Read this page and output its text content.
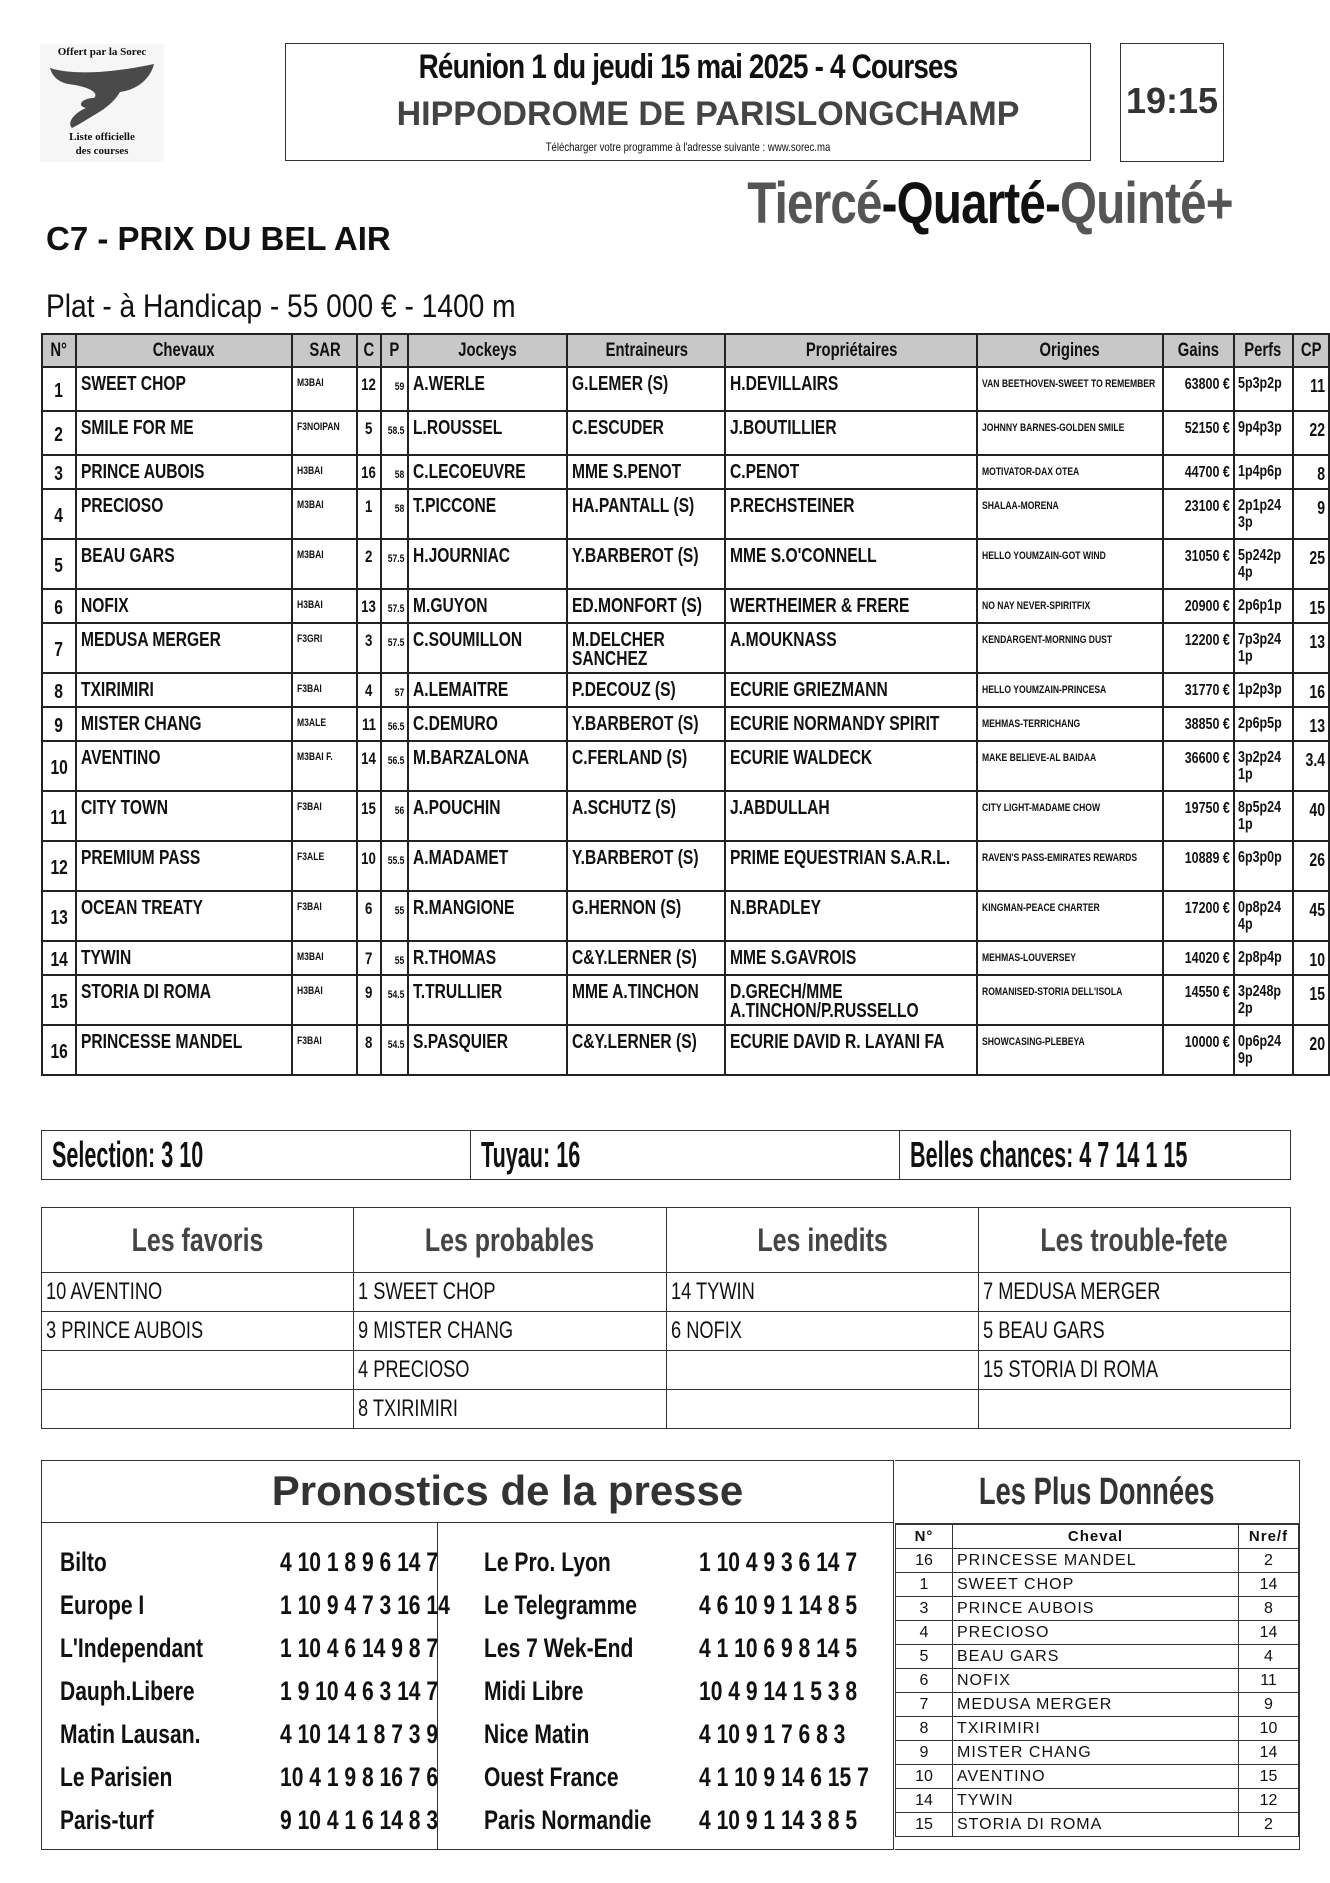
Offert par la Sorec
Liste officielle
des courses
Réunion 1 du jeudi 15 mai 2025 - 4 Courses
HIPPODROME DE PARISLONGCHAMP
Télécharger votre programme à l'adresse suivante : www.sorec.ma
19:15
Tiercé-Quarté-Quinté+
C7 - PRIX DU BEL AIR
Plat - à Handicap - 55 000 € - 1400 m
N°	Chevaux	SAR	C	P	Jockeys	Entraineurs	Propriétaires	Origines	Gains	Perfs	CP
1	SWEET CHOP	M3BAI	12	59	A.WERLE	G.LEMER (S)	H.DEVILLAIRS	VAN BEETHOVEN-SWEET TO REMEMBER	63800 €	5p3p2p	11
2	SMILE FOR ME	F3NOIPAN	5	58.5	L.ROUSSEL	C.ESCUDER	J.BOUTILLIER	JOHNNY BARNES-GOLDEN SMILE	52150 €	9p4p3p	22
3	PRINCE AUBOIS	H3BAI	16	58	C.LECOEUVRE	MME S.PENOT	C.PENOT	MOTIVATOR-DAX OTEA	44700 €	1p4p6p	8
4	PRECIOSO	M3BAI	1	58	T.PICCONE	HA.PANTALL (S)	P.RECHSTEINER	SHALAA-MORENA	23100 €	2p1p243p	9
5	BEAU GARS	M3BAI	2	57.5	H.JOURNIAC	Y.BARBEROT (S)	MME S.O'CONNELL	HELLO YOUMZAIN-GOT WIND	31050 €	5p242p4p	25
6	NOFIX	H3BAI	13	57.5	M.GUYON	ED.MONFORT (S)	WERTHEIMER & FRERE	NO NAY NEVER-SPIRITFIX	20900 €	2p6p1p	15
7	MEDUSA MERGER	F3GRI	3	57.5	C.SOUMILLON	M.DELCHER SANCHEZ	A.MOUKNASS	KENDARGENT-MORNING DUST	12200 €	7p3p241p	13
8	TXIRIMIRI	F3BAI	4	57	A.LEMAITRE	P.DECOUZ (S)	ECURIE GRIEZMANN	HELLO YOUMZAIN-PRINCESA	31770 €	1p2p3p	16
9	MISTER CHANG	M3ALE	11	56.5	C.DEMURO	Y.BARBEROT (S)	ECURIE NORMANDY SPIRIT	MEHMAS-TERRICHANG	38850 €	2p6p5p	13
10	AVENTINO	M3BAI F.	14	56.5	M.BARZALONA	C.FERLAND (S)	ECURIE WALDECK	MAKE BELIEVE-AL BAIDAA	36600 €	3p2p241p	3.4
11	CITY TOWN	F3BAI	15	56	A.POUCHIN	A.SCHUTZ (S)	J.ABDULLAH	CITY LIGHT-MADAME CHOW	19750 €	8p5p241p	40
12	PREMIUM PASS	F3ALE	10	55.5	A.MADAMET	Y.BARBEROT (S)	PRIME EQUESTRIAN S.A.R.L.	RAVEN'S PASS-EMIRATES REWARDS	10889 €	6p3p0p	26
13	OCEAN TREATY	F3BAI	6	55	R.MANGIONE	G.HERNON (S)	N.BRADLEY	KINGMAN-PEACE CHARTER	17200 €	0p8p244p	45
14	TYWIN	M3BAI	7	55	R.THOMAS	C&Y.LERNER (S)	MME S.GAVROIS	MEHMAS-LOUVERSEY	14020 €	2p8p4p	10
15	STORIA DI ROMA	H3BAI	9	54.5	T.TRULLIER	MME A.TINCHON	D.GRECH/MME A.TINCHON/P.RUSSELLO	ROMANISED-STORIA DELL'ISOLA	14550 €	3p248p2p	15
16	PRINCESSE MANDEL	F3BAI	8	54.5	S.PASQUIER	C&Y.LERNER (S)	ECURIE DAVID R. LAYANI FA	SHOWCASING-PLEBEYA	10000 €	0p6p249p	20
Selection: 3 10	Tuyau: 16	Belles chances: 4 7 14 1 15
Les favoris	Les probables	Les inedits	Les trouble-fete
10 AVENTINO	1 SWEET CHOP	14 TYWIN	7 MEDUSA MERGER
3 PRINCE AUBOIS	9 MISTER CHANG	6 NOFIX	5 BEAU GARS
	4 PRECIOSO		15 STORIA DI ROMA
	8 TXIRIMIRI		
Pronostics de la presse
Bilto	4 10 1 8 9 6 14 7
Europe I	1 10 9 4 7 3 16 14
L'Independant	1 10 4 6 14 9 8 7
Dauph.Libere	1 9 10 4 6 3 14 7
Matin Lausan.	4 10 14 1 8 7 3 9
Le Parisien	10 4 1 9 8 16 7 6
Paris-turf	9 10 4 1 6 14 8 3
Le Pro. Lyon	1 10 4 9 3 6 14 7
Le Telegramme	4 6 10 9 1 14 8 5
Les 7 Wek-End	4 1 10 6 9 8 14 5
Midi Libre	10 4 9 14 1 5 3 8
Nice Matin	4 10 9 1 7 6 8 3
Ouest France	4 1 10 9 14 6 15 7
Paris Normandie	4 10 9 1 14 3 8 5
Les Plus Données
N°	Cheval	Nre/f
16	PRINCESSE MANDEL	2
1	SWEET CHOP	14
3	PRINCE AUBOIS	8
4	PRECIOSO	14
5	BEAU GARS	4
6	NOFIX	11
7	MEDUSA MERGER	9
8	TXIRIMIRI	10
9	MISTER CHANG	14
10	AVENTINO	15
14	TYWIN	12
15	STORIA DI ROMA	2
